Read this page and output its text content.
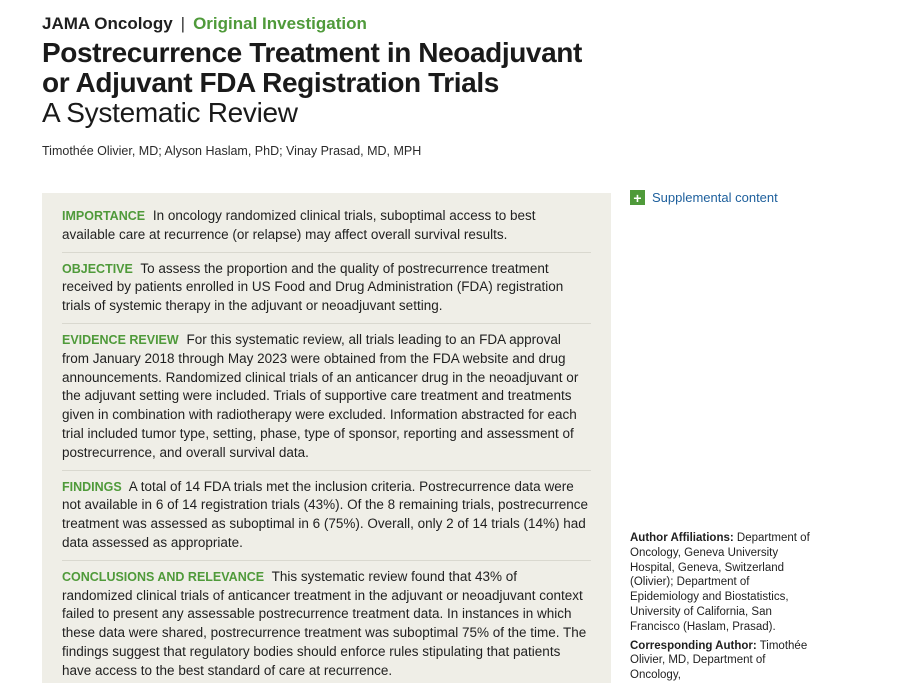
JAMA Oncology | Original Investigation
Postrecurrence Treatment in Neoadjuvant or Adjuvant FDA Registration Trials
A Systematic Review
Timothée Olivier, MD; Alyson Haslam, PhD; Vinay Prasad, MD, MPH

IMPORTANCE In oncology randomized clinical trials, suboptimal access to best available care at recurrence (or relapse) may affect overall survival results.

OBJECTIVE To assess the proportion and the quality of postrecurrence treatment received by patients enrolled in US Food and Drug Administration (FDA) registration trials of systemic therapy in the adjuvant or neoadjuvant setting.

EVIDENCE REVIEW For this systematic review, all trials leading to an FDA approval from January 2018 through May 2023 were obtained from the FDA website and drug announcements. Randomized clinical trials of an anticancer drug in the neoadjuvant or the adjuvant setting were included. Trials of supportive care treatment and treatments given in combination with radiotherapy were excluded. Information abstracted for each trial included tumor type, setting, phase, type of sponsor, reporting and assessment of postrecurrence, and overall survival data.

FINDINGS A total of 14 FDA trials met the inclusion criteria. Postrecurrence data were not available in 6 of 14 registration trials (43%). Of the 8 remaining trials, postrecurrence treatment was assessed as suboptimal in 6 (75%). Overall, only 2 of 14 trials (14%) had data assessed as appropriate.

CONCLUSIONS AND RELEVANCE This systematic review found that 43% of randomized clinical trials of anticancer treatment in the adjuvant or neoadjuvant context failed to present any assessable postrecurrence treatment data. In instances in which these data were shared, postrecurrence treatment was suboptimal 75% of the time. The findings suggest that regulatory bodies should enforce rules stipulating that patients have access to the best standard of care at recurrence.

+ Supplemental content

Author Affiliations: Department of Oncology, Geneva University Hospital, Geneva, Switzerland (Olivier); Department of Epidemiology and Biostatistics, University of California, San Francisco (Haslam, Prasad).

Corresponding Author: Timothée Olivier, MD, Department of Oncology,
